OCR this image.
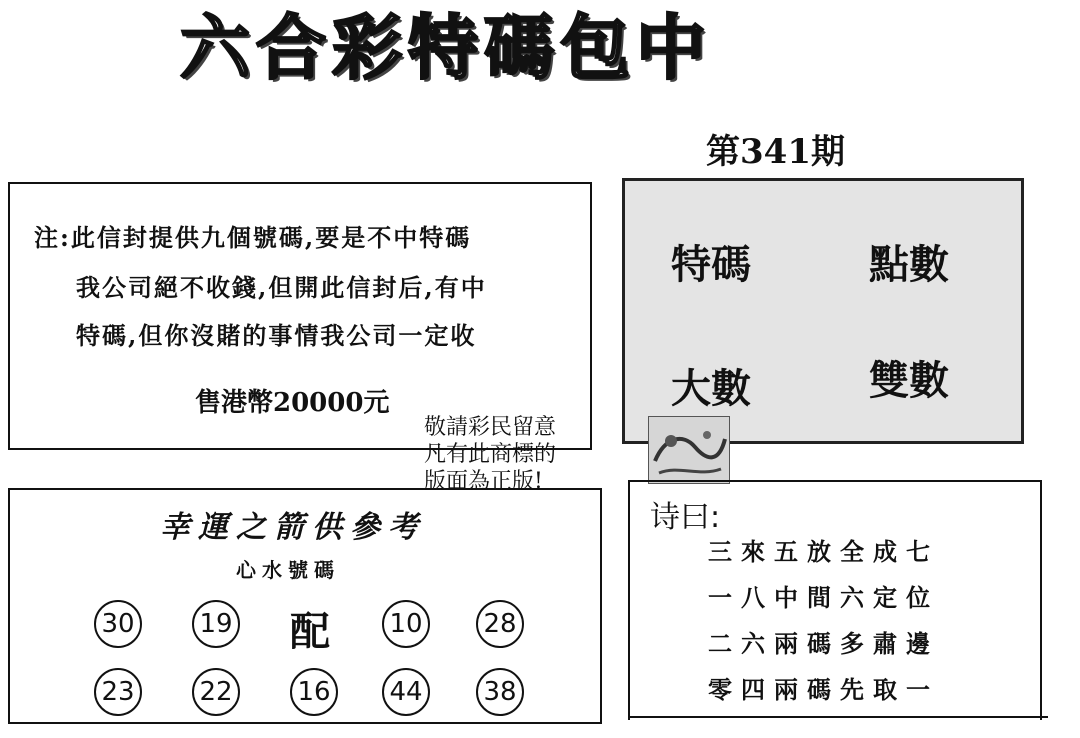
六合彩特碼包中
第341期
注:此信封提供九個號碼,要是不中特碼
我公司絕不收錢,但開此信封后,有中
特碼,但你沒賭的事情我公司一定收
售港幣20000元
特碼	點數
大數	雙數
敬請彩民留意
凡有此商標的
版面為正版!
幸運之箭供參考
心水號碼
30 19 配 10 28
23 22 16 44 38
诗曰:
三來五放全成七
一八中間六定位
二六兩碼多肅邊
零四兩碼先取一
